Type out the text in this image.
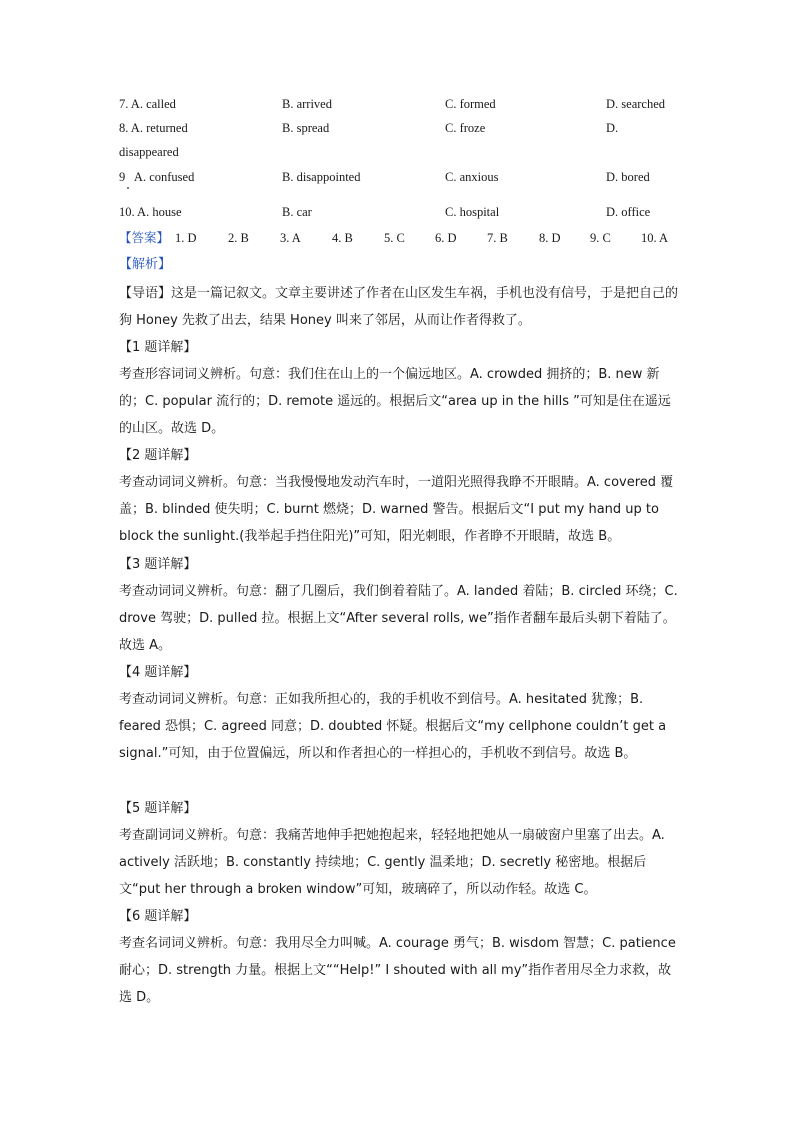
7. A. called	B. arrived	C. formed	D. searched
8. A. returned	B. spread	C. froze	D.
disappeared
9   A. confused	B. disappointed	C. anxious	D. bored
10. A. house	B. car	C. hospital	D. office
【答案】 1. D	2. B 3. A 4. B 5. C 6. D 7. B 8. D 9. C 10. A
【解析】

【导语】这是一篇记叙文。文章主要讲述了作者在山区发生车祸，手机也没有信号，于是把自己的狗 Honey 先救了出去，结果 Honey 叫来了邻居，从而让作者得救了。

【1 题详解】

考查形容词词义辨析。句意：我们住在山上的一个偏远地区。A. crowded 拥挤的；B. new 新的；C. popular 流行的；D. remote 遥远的。根据后文“area up in the hills ”可知是住在遥远的山区。故选 D。

【2 题详解】

考查动词词义辨析。句意：当我慢慢地发动汽车时，一道阳光照得我睁不开眼睛。A. covered 覆盖；B. blinded 使失明；C. burnt 燃烧；D. warned 警告。根据后文“I put my hand up to block the sunlight.(我举起手挡住阳光)”可知，阳光刺眼，作者睁不开眼睛，故选 B。

【3 题详解】

考查动词词义辨析。句意：翻了几圈后，我们倒着着陆了。A. landed 着陆；B. circled 环绕；C. drove 驾驶；D. pulled 拉。根据上文“After several rolls, we”指作者翻车最后头朝下着陆了。故选 A。

【4 题详解】

考查动词词义辨析。句意：正如我所担心的，我的手机收不到信号。A. hesitated 犹豫；B. feared 恐惧；C. agreed 同意；D. doubted 怀疑。根据后文“my cellphone couldn’t get a signal.”可知，由于位置偏远，所以和作者担心的一样担心的，手机收不到信号。故选 B。

【5 题详解】

考查副词词义辨析。句意：我痛苦地伸手把她抱起来，轻轻地把她从一扇破窗户里塞了出去。A. actively 活跃地；B. constantly 持续地；C. gently 温柔地；D. secretly 秘密地。根据后文“put her through a broken window”可知，玻璃碎了，所以动作轻。故选 C。

【6 题详解】

考查名词词义辨析。句意：我用尽全力叫喊。A. courage 勇气；B. wisdom 智慧；C. patience 耐心；D. strength 力量。根据上文““Help!” I shouted with all my”指作者用尽全力求救，故选 D。
